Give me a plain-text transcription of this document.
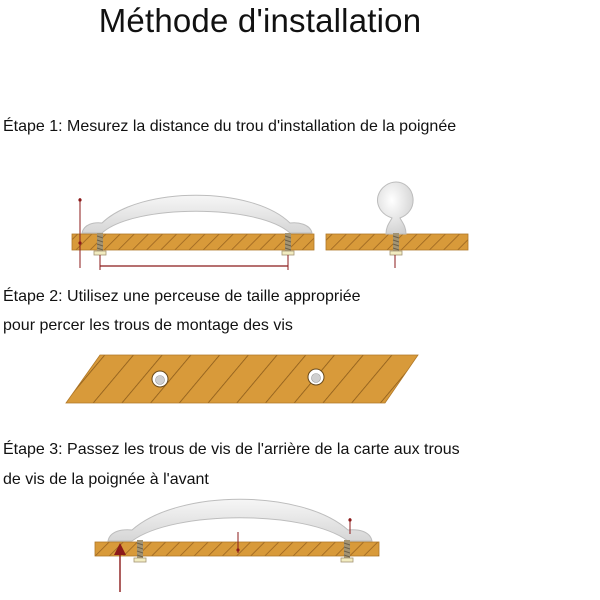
Méthode d'installation
Étape 1: Mesurez la distance du trou d'installation de la poignée
Étape 2: Utilisez une perceuse de taille appropriée
pour percer les trous de montage des vis
Étape 3: Passez les trous de vis de l'arrière de la carte aux trous
de vis de la poignée à l'avant
